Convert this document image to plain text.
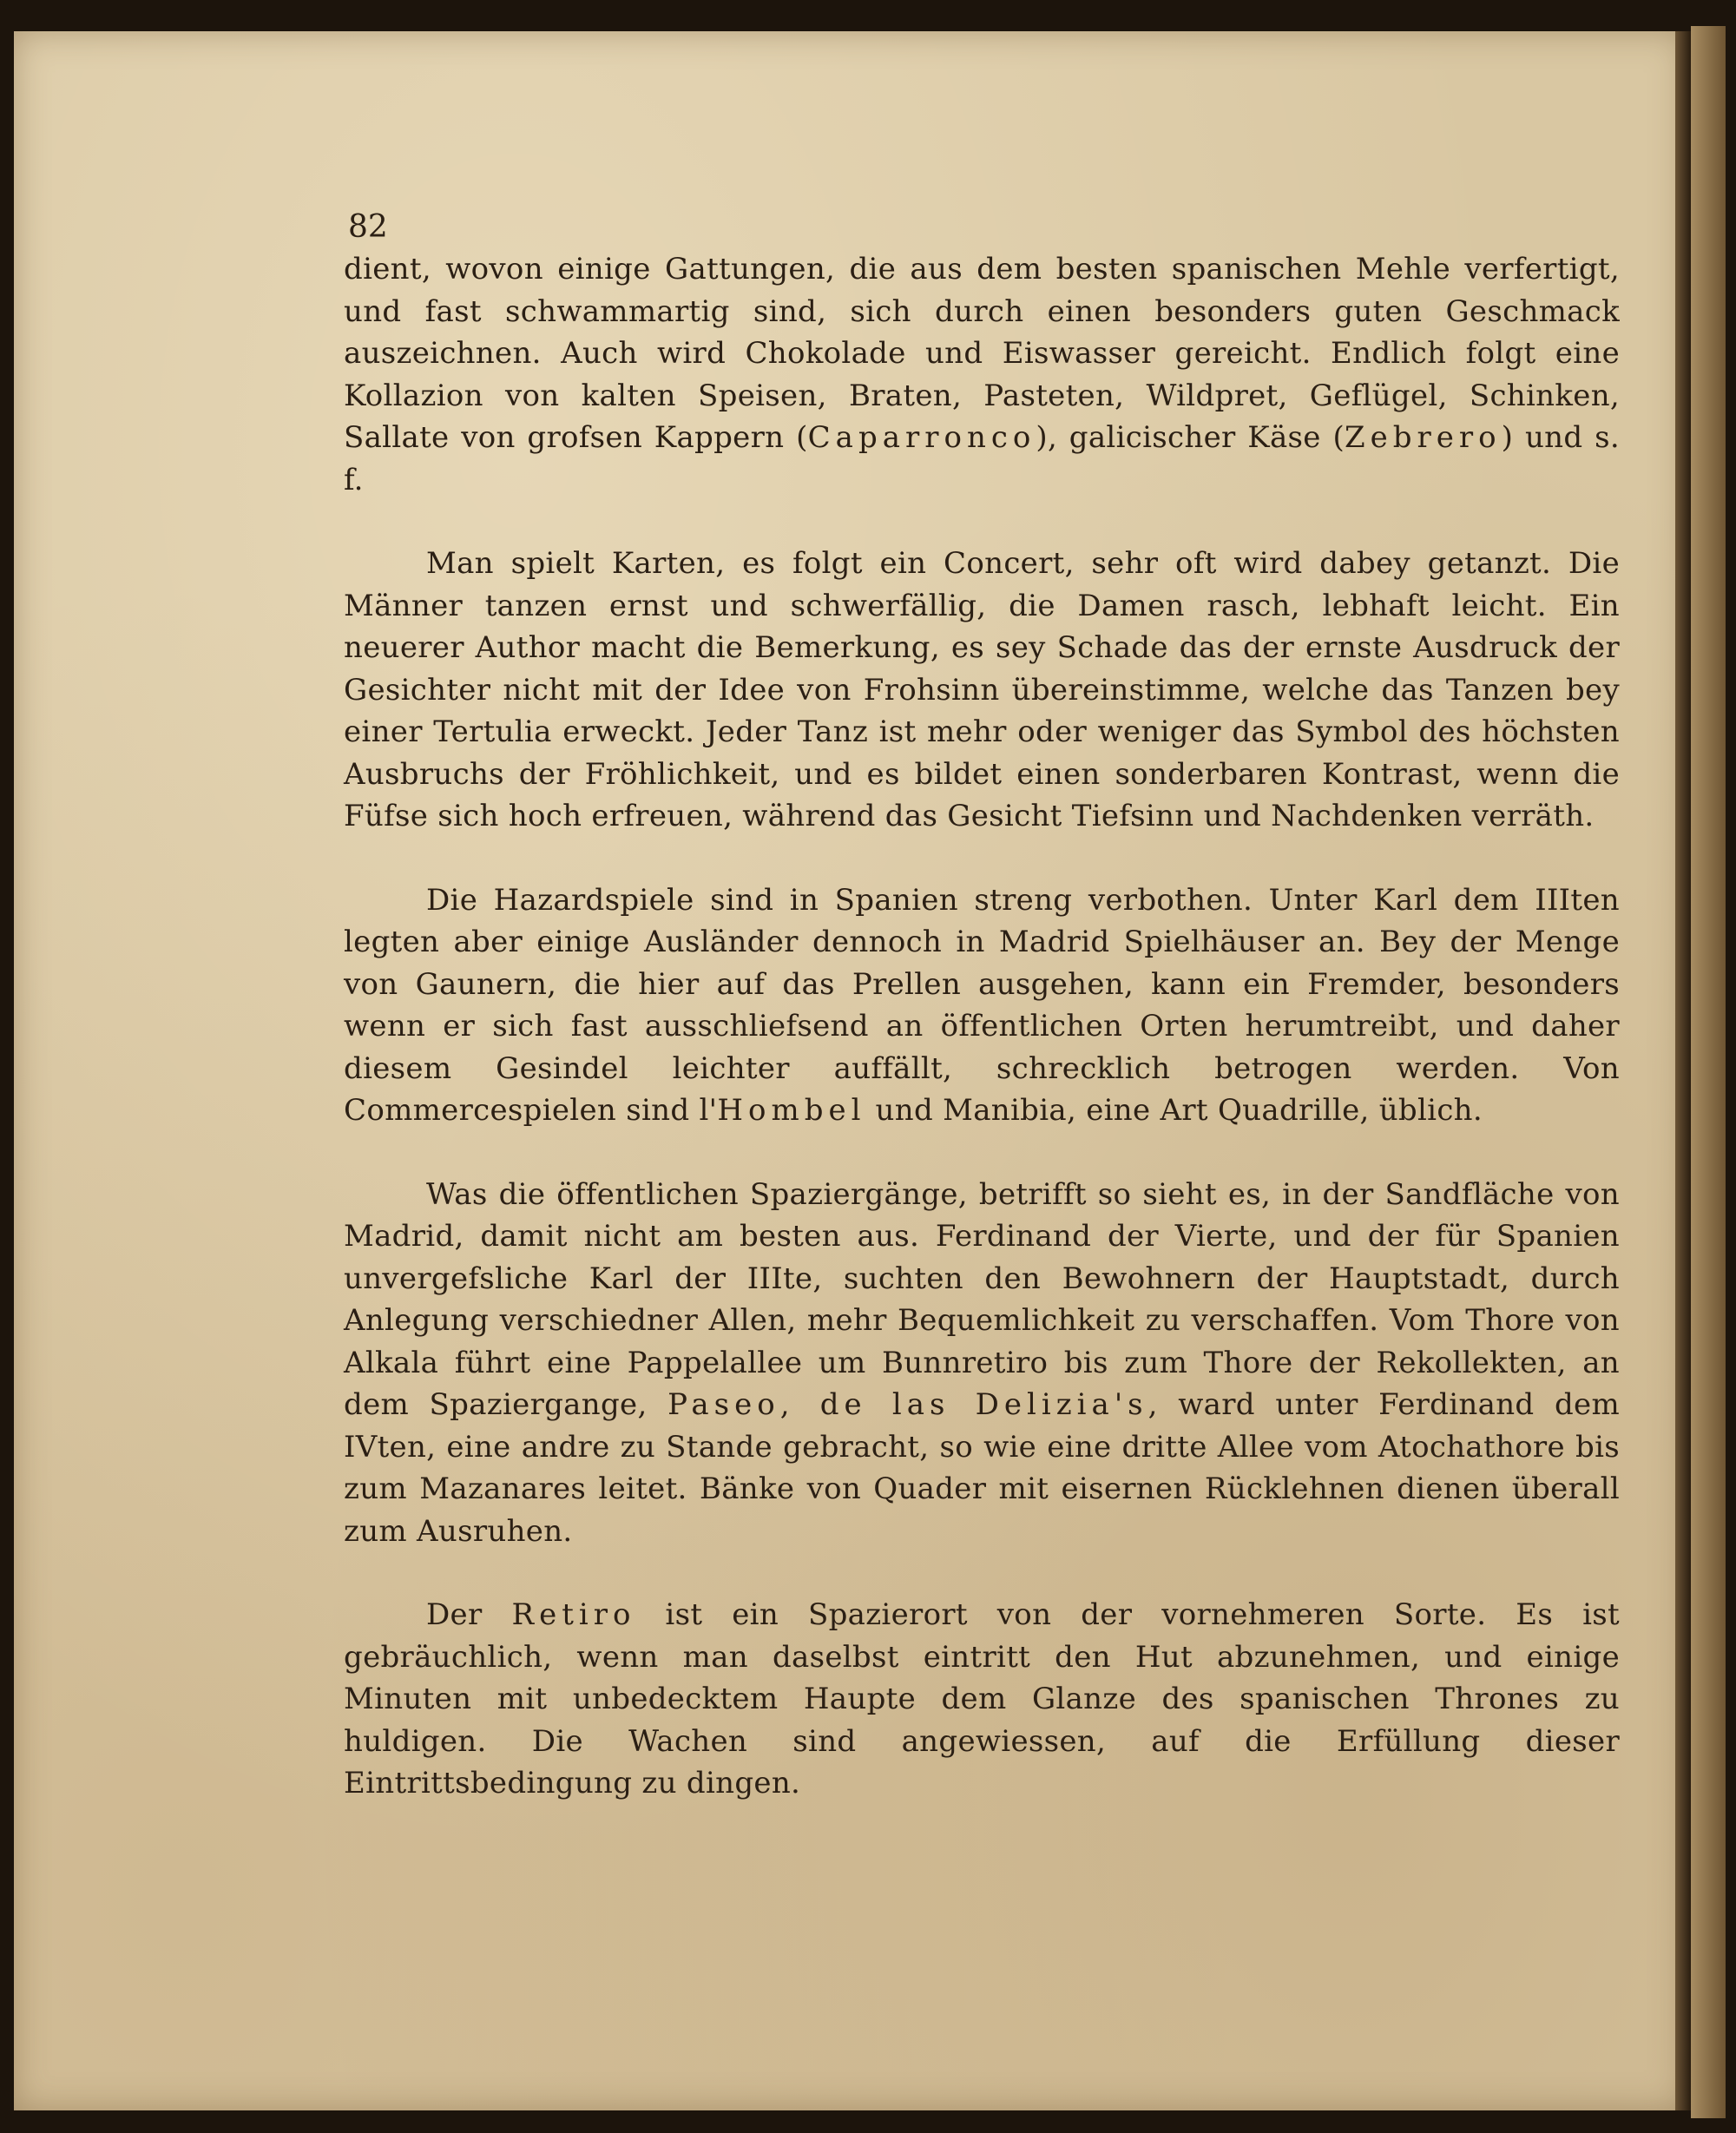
82

dient, wovon einige Gattungen, die aus dem besten spanischen Mehle verfertigt, und fast schwammartig sind, sich durch einen besonders guten Geschmack auszeichnen. Auch wird Chokolade und Eiswasser gereicht. Endlich folgt eine Kollazion von kalten Speisen, Braten, Pasteten, Wildpret, Geflügel, Schinken, Sallate von grofsen Kappern (Caparronco), galicischer Käse (Zebrero) und s. f.

Man spielt Karten, es folgt ein Concert, sehr oft wird dabey getanzt. Die Männer tanzen ernst und schwerfällig, die Damen rasch, lebhaft leicht. Ein neuerer Author macht die Bemerkung, es sey Schade das der ernste Ausdruck der Gesichter nicht mit der Idee von Frohsinn übereinstimme, welche das Tanzen bey einer Tertulia erweckt. Jeder Tanz ist mehr oder weniger das Symbol des höchsten Ausbruchs der Fröhlichkeit, und es bildet einen sonderbaren Kontrast, wenn die Füfse sich hoch erfreuen, während das Gesicht Tiefsinn und Nachdenken verräth.

Die Hazardspiele sind in Spanien streng verbothen. Unter Karl dem IIIten legten aber einige Ausländer dennoch in Madrid Spielhäuser an. Bey der Menge von Gaunern, die hier auf das Prellen ausgehen, kann ein Fremder, besonders wenn er sich fast ausschliefsend an öffentlichen Orten herumtreibt, und daher diesem Gesindel leichter auffällt, schrecklich betrogen werden. Von Commercespielen sind l'Hombel und Manibia, eine Art Quadrille, üblich.

Was die öffentlichen Spaziergänge, betrifft so sieht es, in der Sandfläche von Madrid, damit nicht am besten aus. Ferdinand der Vierte, und der für Spanien unvergefsliche Karl der IIIte, suchten den Bewohnern der Hauptstadt, durch Anlegung verschiedner Allen, mehr Bequemlichkeit zu verschaffen. Vom Thore von Alkala führt eine Pappelallee um Bunnretiro bis zum Thore der Rekollekten, an dem Spaziergange, Paseo, de las Delizia's, ward unter Ferdinand dem IVten, eine andre zu Stande gebracht, so wie eine dritte Allee vom Atochathore bis zum Mazanares leitet. Bänke von Quader mit eisernen Rücklehnen dienen überall zum Ausruhen.

Der Retiro ist ein Spazierort von der vornehmeren Sorte. Es ist gebräuchlich, wenn man daselbst eintritt den Hut abzunehmen, und einige Minuten mit unbedecktem Haupte dem Glanze des spanischen Thrones zu huldigen. Die Wachen sind angewiessen, auf die Erfüllung dieser Eintrittsbedingung zu dingen.
